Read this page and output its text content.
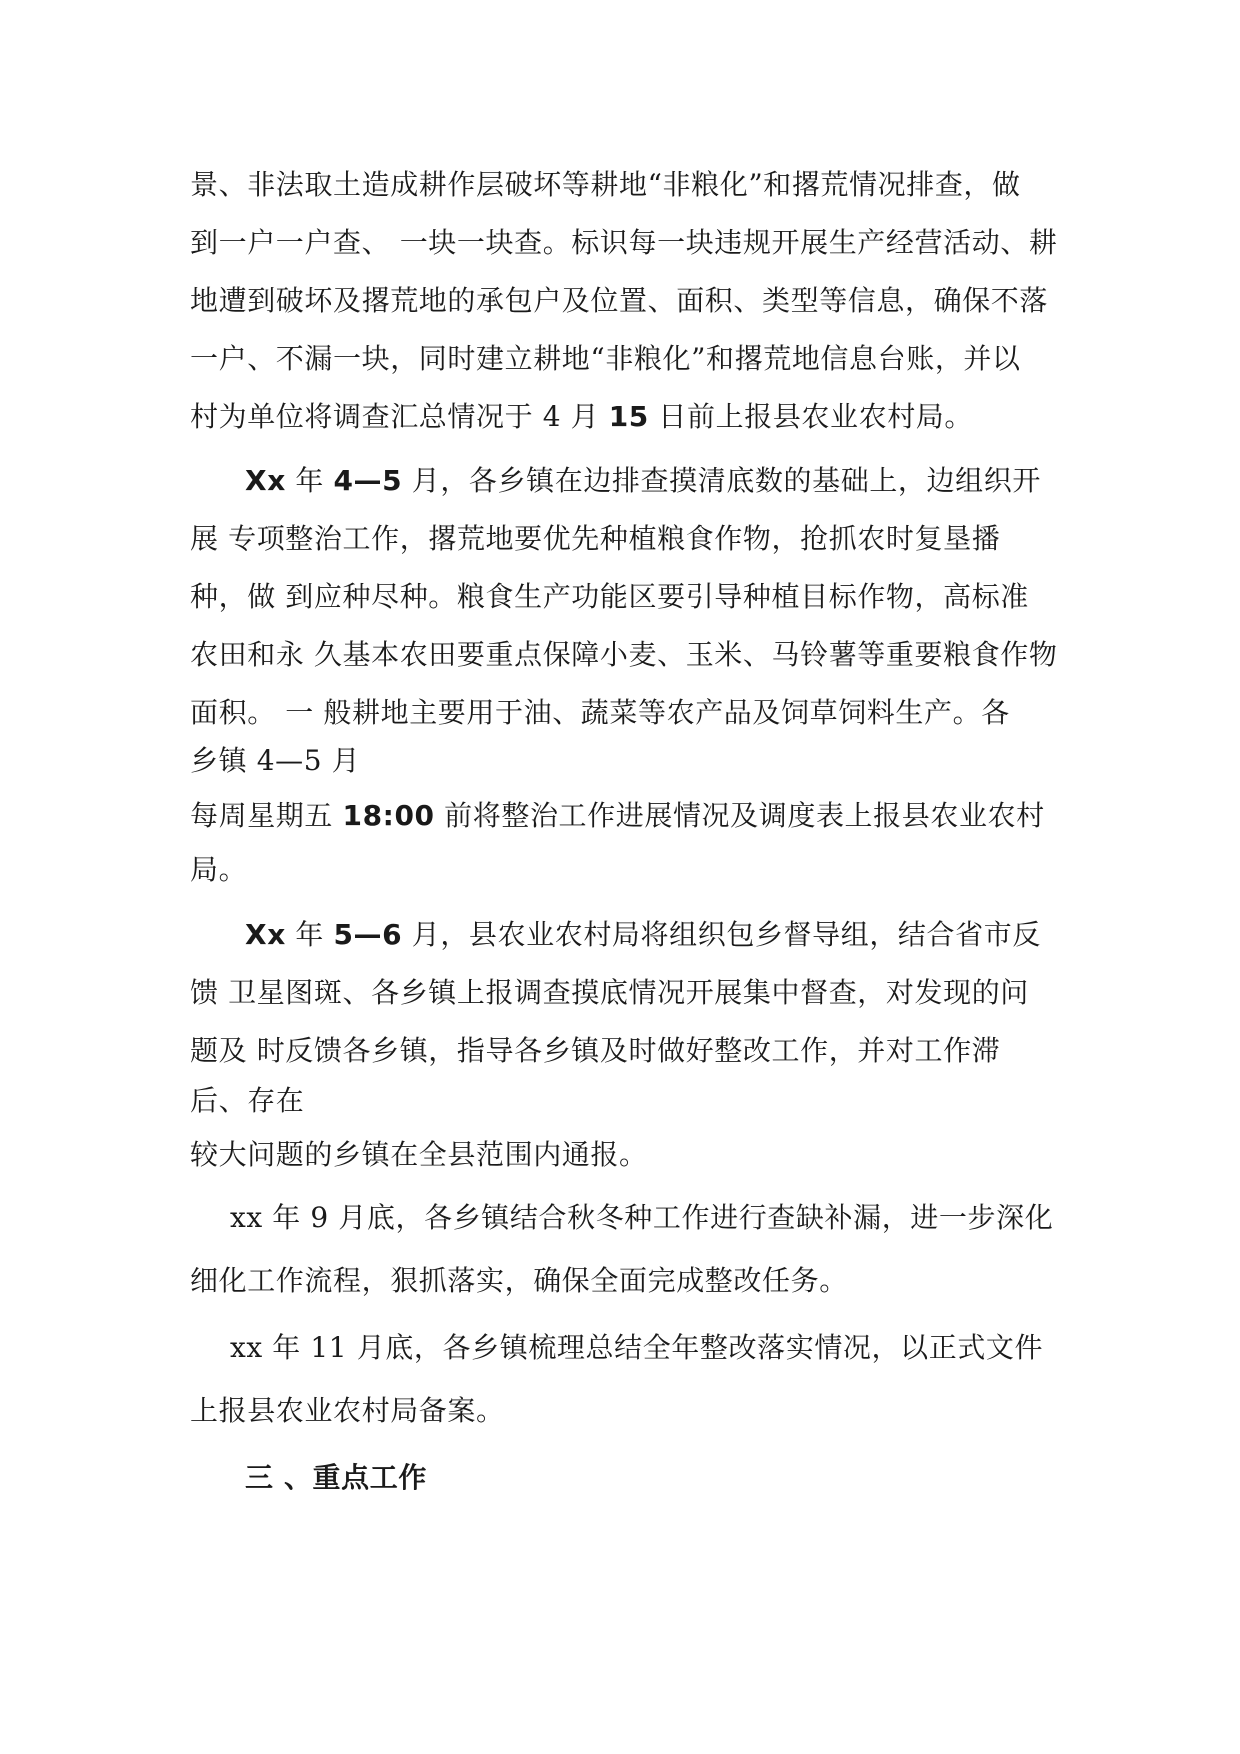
景、非法取土造成耕作层破坏等耕地“非粮化”和撂荒情况排查，做
到一户一户查、 一块一块查。标识每一块违规开展生产经营活动、耕
地遭到破坏及撂荒地的承包户及位置、面积、类型等信息，确保不落
一户、不漏一块，同时建立耕地“非粮化”和撂荒地信息台账，并以
村为单位将调查汇总情况于 4 月 15 日前上报县农业农村局。
Xx 年 4—5 月，各乡镇在边排查摸清底数的基础上，边组织开
展 专项整治工作，撂荒地要优先种植粮食作物，抢抓农时复垦播
种，做 到应种尽种。粮食生产功能区要引导种植目标作物，高标准
农田和永 久基本农田要重点保障小麦、玉米、马铃薯等重要粮食作物
面积。 一 般耕地主要用于油、蔬菜等农产品及饲草饲料生产。各
乡镇 4—5 月
每周星期五 18:00 前将整治工作进展情况及调度表上报县农业农村
局。
Xx 年 5—6 月，县农业农村局将组织包乡督导组，结合省市反
馈 卫星图斑、各乡镇上报调查摸底情况开展集中督查，对发现的问
题及 时反馈各乡镇，指导各乡镇及时做好整改工作，并对工作滞
后、存在
较大问题的乡镇在全县范围内通报。
xx 年 9 月底，各乡镇结合秋冬种工作进行查缺补漏，进一步深化
细化工作流程，狠抓落实，确保全面完成整改任务。
xx 年 11 月底，各乡镇梳理总结全年整改落实情况，以正式文件
上报县农业农村局备案。
三 、重点工作
